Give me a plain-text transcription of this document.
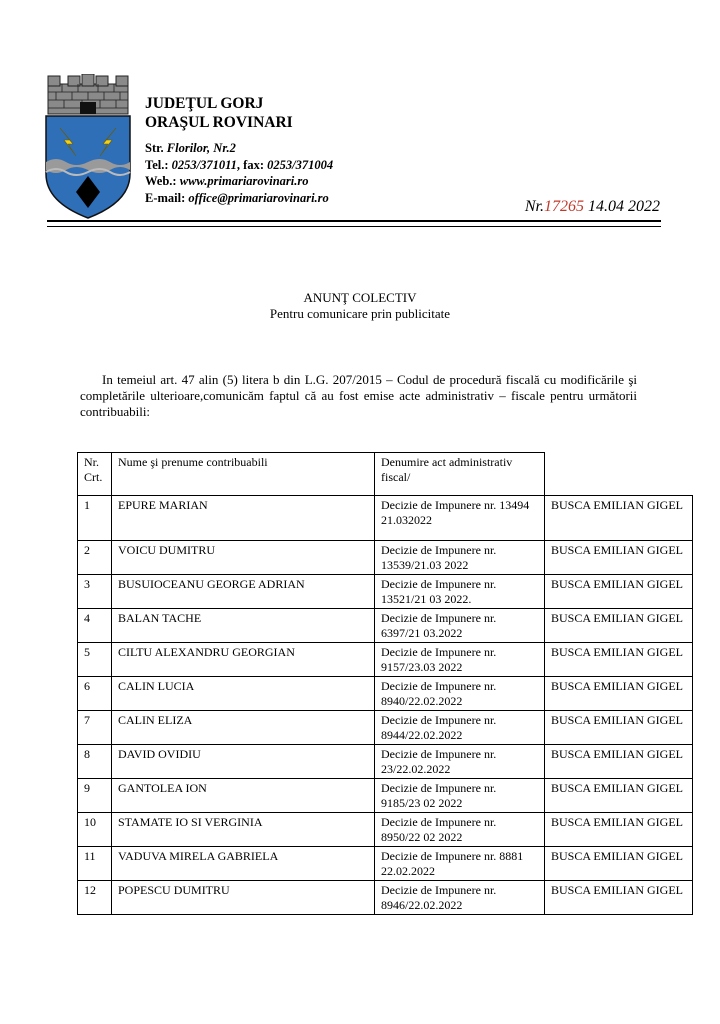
JUDEŢUL GORJ
ORAŞUL ROVINARI
Str. Florilor, Nr.2
Tel.: 0253/371011, fax: 0253/371004
Web.: www.primariarovinari.ro
E-mail: office@primariarovinari.ro
Nr.17265 14.04 2022
ANUNŢ COLECTIV
Pentru comunicare prin publicitate
In temeiul art. 47 alin (5) litera b din L.G. 207/2015 – Codul de procedură fiscală cu modificările şi completările ulterioare,comunicăm faptul că au fost emise acte administrativ – fiscale pentru următorii contribuabili:
Nr. Crt.	Nume şi prenume contribuabili	Denumire act administrativ fiscal/	
1	EPURE MARIAN	Decizie de Impunere nr. 13494 21.032022	BUSCA EMILIAN GIGEL
2	VOICU DUMITRU	Decizie de Impunere nr. 13539/21.03 2022	BUSCA EMILIAN GIGEL
3	BUSUIOCEANU GEORGE ADRIAN	Decizie de Impunere nr. 13521/21 03 2022.	BUSCA EMILIAN GIGEL
4	BALAN TACHE	Decizie de Impunere nr. 6397/21 03.2022	BUSCA EMILIAN GIGEL
5	CILTU ALEXANDRU GEORGIAN	Decizie de Impunere nr. 9157/23.03 2022	BUSCA EMILIAN GIGEL
6	CALIN LUCIA	Decizie de Impunere nr. 8940/22.02.2022	BUSCA EMILIAN GIGEL
7	CALIN ELIZA	Decizie de Impunere nr. 8944/22.02.2022	BUSCA EMILIAN GIGEL
8	DAVID OVIDIU	Decizie de Impunere nr. 23/22.02.2022	BUSCA EMILIAN GIGEL
9	GANTOLEA ION	Decizie de Impunere nr. 9185/23 02 2022	BUSCA EMILIAN GIGEL
10	STAMATE IO SI VERGINIA	Decizie de Impunere nr. 8950/22 02 2022	BUSCA EMILIAN GIGEL
11	VADUVA MIRELA GABRIELA	Decizie de Impunere nr. 8881 22.02.2022	BUSCA EMILIAN GIGEL
12	POPESCU DUMITRU	Decizie de Impunere nr. 8946/22.02.2022	BUSCA EMILIAN GIGEL
